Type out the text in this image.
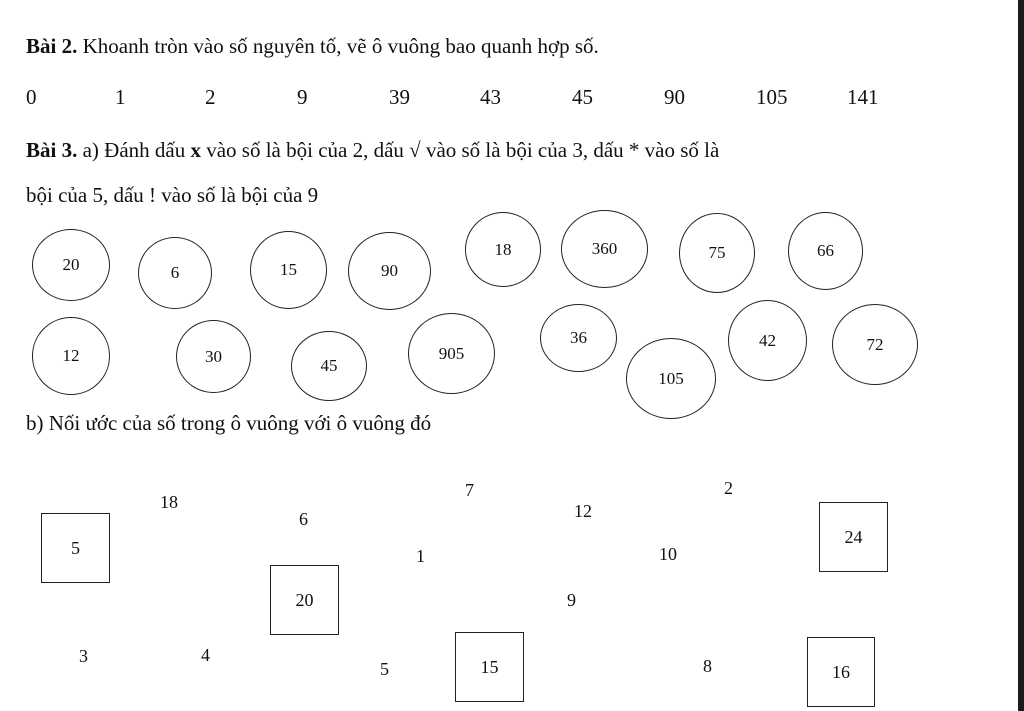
Bài 2. Khoanh tròn vào số nguyên tố, vẽ ô vuông bao quanh hợp số.
0	1	2	9	39	43	45	90	105	141
Bài 3. a) Đánh dấu x vào số là bội của 2, dấu √ vào số là bội của 3, dấu * vào số là
bội của 5, dấu ! vào số là bội của 9
20	6	15	90
18	360	75	66
12	30	45
905
36
105
42	72
b) Nối ước của số trong ô vuông với ô vuông đó
5
20
15
24
16
18
6
7
12
2
1	10
9
3	4
5	8
